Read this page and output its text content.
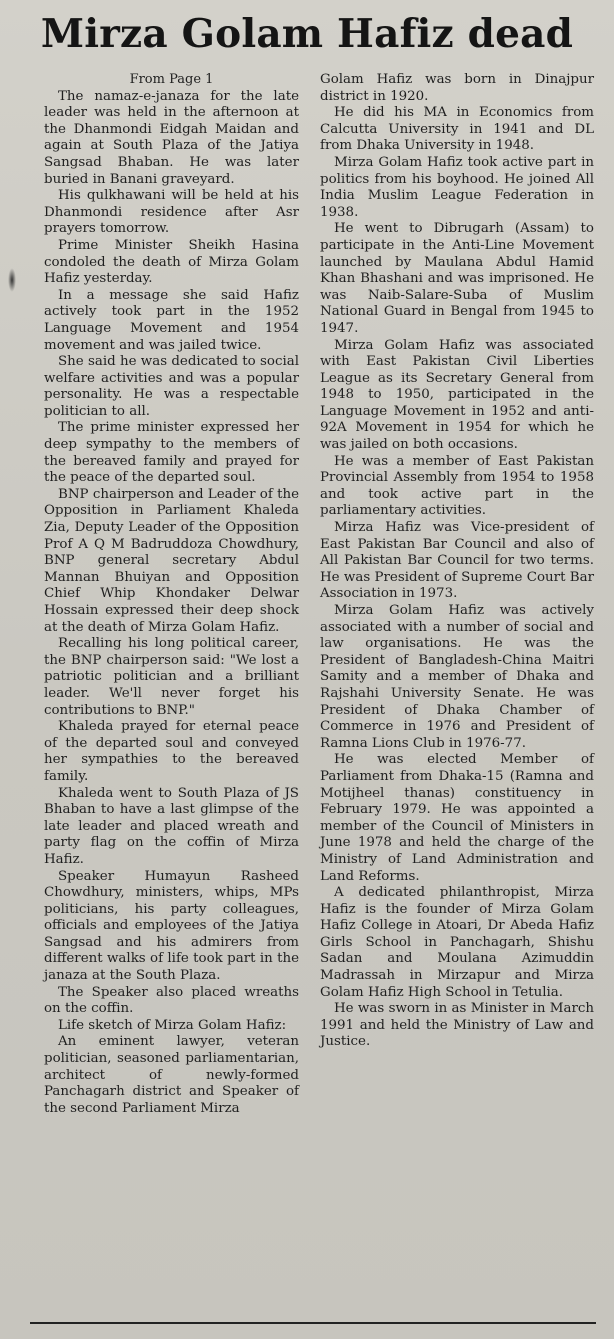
Mirza Golam Hafiz dead

From Page 1

The namaz-e-janaza for the late leader was held in the afternoon at the Dhanmondi Eidgah Maidan and again at South Plaza of the Jatiya Sangsad Bhaban. He was later buried in Banani graveyard.

His qulkhawani will be held at his Dhanmondi residence after Asr prayers tomorrow.

Prime Minister Sheikh Hasina condoled the death of Mirza Golam Hafiz yesterday.

In a message she said Hafiz actively took part in the 1952 Language Movement and 1954 movement and was jailed twice.

She said he was dedicated to social welfare activities and was a popular personality. He was a respectable politician to all.

The prime minister expressed her deep sympathy to the members of the bereaved family and prayed for the peace of the departed soul.

BNP chairperson and Leader of the Opposition in Parliament Khaleda Zia, Deputy Leader of the Opposition Prof A Q M Badruddoza Chowdhury, BNP general secretary Abdul Mannan Bhuiyan and Opposition Chief Whip Khondaker Delwar Hossain expressed their deep shock at the death of Mirza Golam Hafiz.

Recalling his long political career, the BNP chairperson said: "We lost a patriotic politician and a brilliant leader. We'll never forget his contributions to BNP."

Khaleda prayed for eternal peace of the departed soul and conveyed her sympathies to the bereaved family.

Khaleda went to South Plaza of JS Bhaban to have a last glimpse of the late leader and placed wreath and party flag on the coffin of Mirza Hafiz.

Speaker Humayun Rasheed Chowdhury, ministers, whips, MPs politicians, his party colleagues, officials and employees of the Jatiya Sangsad and his admirers from different walks of life took part in the janaza at the South Plaza.

The Speaker also placed wreaths on the coffin.

Life sketch of Mirza Golam Hafiz:

An eminent lawyer, veteran politician, seasoned parliamentarian, architect of newly-formed Panchagarh district and Speaker of the second Parliament Mirza

Golam Hafiz was born in Dinajpur district in 1920.

He did his MA in Economics from Calcutta University in 1941 and DL from Dhaka University in 1948.

Mirza Golam Hafiz took active part in politics from his boyhood. He joined All India Muslim League Federation in 1938.

He went to Dibrugarh (Assam) to participate in the Anti-Line Movement launched by Maulana Abdul Hamid Khan Bhashani and was imprisoned. He was Naib-Salare-Suba of Muslim National Guard in Bengal from 1945 to 1947.

Mirza Golam Hafiz was associated with East Pakistan Civil Liberties League as its Secretary General from 1948 to 1950, participated in the Language Movement in 1952 and anti-92A Movement in 1954 for which he was jailed on both occasions.

He was a member of East Pakistan Provincial Assembly from 1954 to 1958 and took active part in the parliamentary activities.

Mirza Hafiz was Vice-president of East Pakistan Bar Council and also of All Pakistan Bar Council for two terms. He was President of Supreme Court Bar Association in 1973.

Mirza Golam Hafiz was actively associated with a number of social and law organisations. He was the President of Bangladesh-China Maitri Samity and a member of Dhaka and Rajshahi University Senate. He was President of Dhaka Chamber of Commerce in 1976 and President of Ramna Lions Club in 1976-77.

He was elected Member of Parliament from Dhaka-15 (Ramna and Motijheel thanas) constituency in February 1979. He was appointed a member of the Council of Ministers in June 1978 and held the charge of the Ministry of Land Administration and Land Reforms.

A dedicated philanthropist, Mirza Hafiz is the founder of Mirza Golam Hafiz College in Atoari, Dr Abeda Hafiz Girls School in Panchagarh, Shishu Sadan and Moulana Azimuddin Madrassah in Mirzapur and Mirza Golam Hafiz High School in Tetulia.

He was sworn in as Minister in March 1991 and held the Ministry of Law and Justice.
